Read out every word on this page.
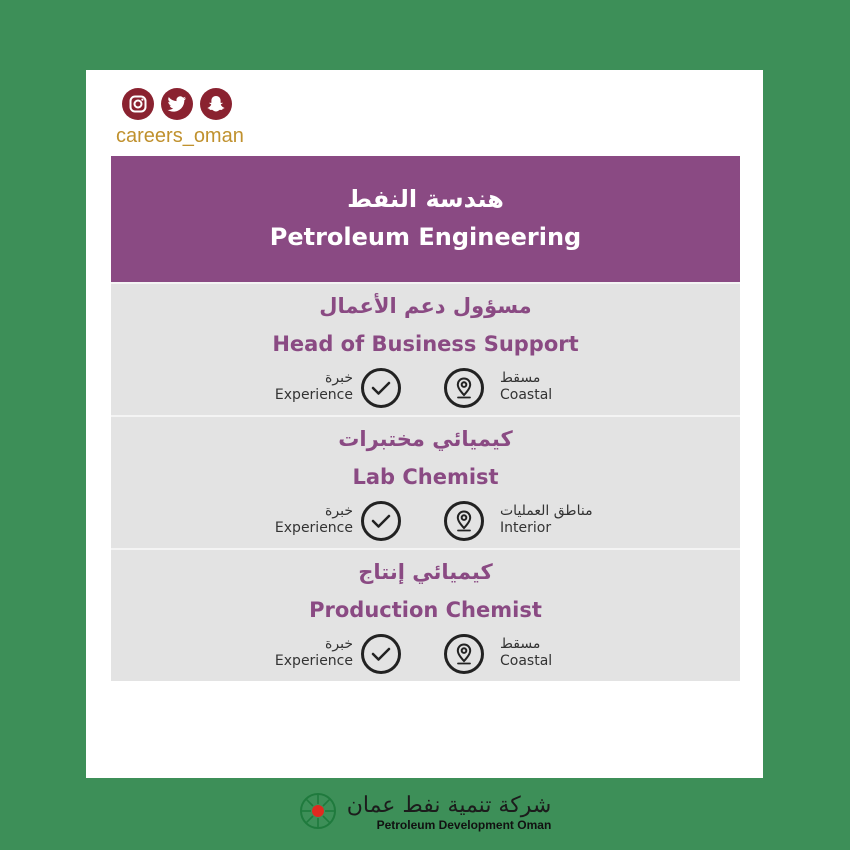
careers_oman
هندسة النفط
Petroleum Engineering
مسؤول دعم الأعمال
Head of Business Support
خبرة
Experience
مسقط
Coastal
كيميائي مختبرات
Lab Chemist
خبرة
Experience
مناطق العمليات
Interior
كيميائي إنتاج
Production Chemist
خبرة
Experience
مسقط
Coastal
شركة تنمية نفط عمان
Petroleum Development Oman
